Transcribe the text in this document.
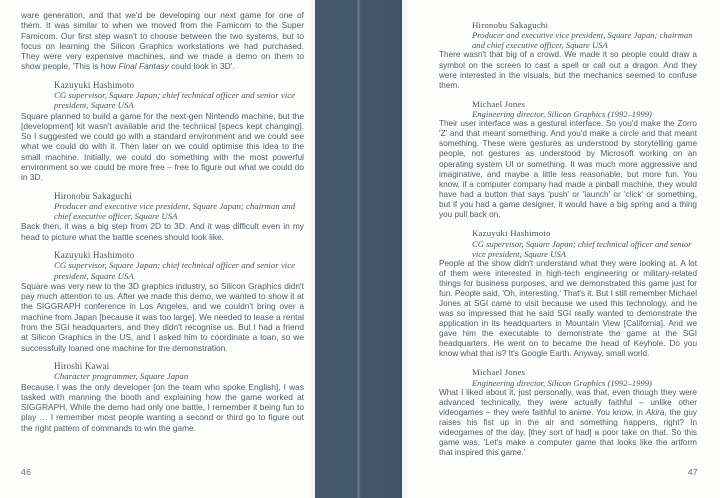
ware generation, and that we'd be developing our next game for one of them. It was similar to when we moved from the Famicom to the Super Famicom. Our first step wasn't to choose between the two systems, but to focus on learning the Silicon Graphics workstations we had purchased. They were very expensive machines, and we made a demo on them to show people, 'This is how Final Fantasy could look in 3D'.

Kazuyuki Hashimoto
CG supervisor, Square Japan; chief technical officer and senior vice president, Square USA

Square planned to build a game for the next-gen Nintendo machine, but the [development] kit wasn't available and the technical [specs kept changing]. So I suggested we could go with a standard environment and we could see what we could do with it. Then later on we could optimise this idea to the small machine. Initially, we could do something with the most powerful environment so we could be more free – free to figure out what we could do in 3D.

Hironobu Sakaguchi
Producer and executive vice president, Square Japan; chairman and chief executive officer, Square USA

Back then, it was a big step from 2D to 3D. And it was difficult even in my head to picture what the battle scenes should look like.

Kazuyuki Hashimoto
CG supervisor, Square Japan; chief technical officer and senior vice president, Square USA

Square was very new to the 3D graphics industry, so Silicon Graphics didn't pay much attention to us. After we made this demo, we wanted to show it at the SIGGRAPH conference in Los Angeles, and we couldn't bring over a machine from Japan [because it was too large]. We needed to lease a rental from the SGI headquarters, and they didn't recognise us. But I had a friend at Silicon Graphics in the US, and I asked him to coordinate a loan, so we successfully loaned one machine for the demonstration.

Hiroshi Kawai
Character programmer, Square Japan

Because I was the only developer [on the team who spoke English], I was tasked with manning the booth and explaining how the game worked at SIGGRAPH. While the demo had only one battle, I remember it being fun to play … I remember most people wanting a second or third go to figure out the right pattern of commands to win the game.

46
Hironobu Sakaguchi
Producer and executive vice president, Square Japan; chairman and chief executive officer, Square USA

There wasn't that big of a crowd. We made it so people could draw a symbol on the screen to cast a spell or call out a dragon. And they were interested in the visuals, but the mechanics seemed to confuse them.

Michael Jones
Engineering director, Silicon Graphics (1992–1999)

Their user interface was a gestural interface. So you'd make the Zorro 'Z' and that meant something. And you'd make a circle and that meant something. These were gestures as understood by storytelling game people, not gestures as understood by Microsoft working on an operating system UI or something. It was much more aggressive and imaginative, and maybe a little less reasonable, but more fun. You know, if a computer company had made a pinball machine, they would have had a button that says 'push' or 'launch' or 'click' or something, but if you had a game designer, it would have a big spring and a thing you pull back on.

Kazuyuki Hashimoto
CG supervisor, Square Japan; chief technical officer and senior vice president, Square USA

People at the show didn't understand what they were looking at. A lot of them were interested in high-tech engineering or military-related things for business purposes, and we demonstrated this game just for fun. People said, 'Oh, interesting.' That's it. But I still remember Michael Jones at SGI came to visit because we used this technology, and he was so impressed that he said SGI really wanted to demonstrate the application in its headquarters in Mountain View [California]. And we gave him the executable to demonstrate the game at the SGI headquarters. He went on to became the head of Keyhole. Do you know what that is? It's Google Earth. Anyway, small world.

Michael Jones
Engineering director, Silicon Graphics (1992–1999)

What I liked about it, just personally, was that, even though they were advanced technically, they were actually faithful – unlike other videogames – they were faithful to anime. You know, in Akira, the guy raises his fist up in the air and something happens, right? In videogames of the day, [they sort of had] a poor take on that. So this game was, 'Let's make a computer game that looks like the artform that inspired this game.'

47
